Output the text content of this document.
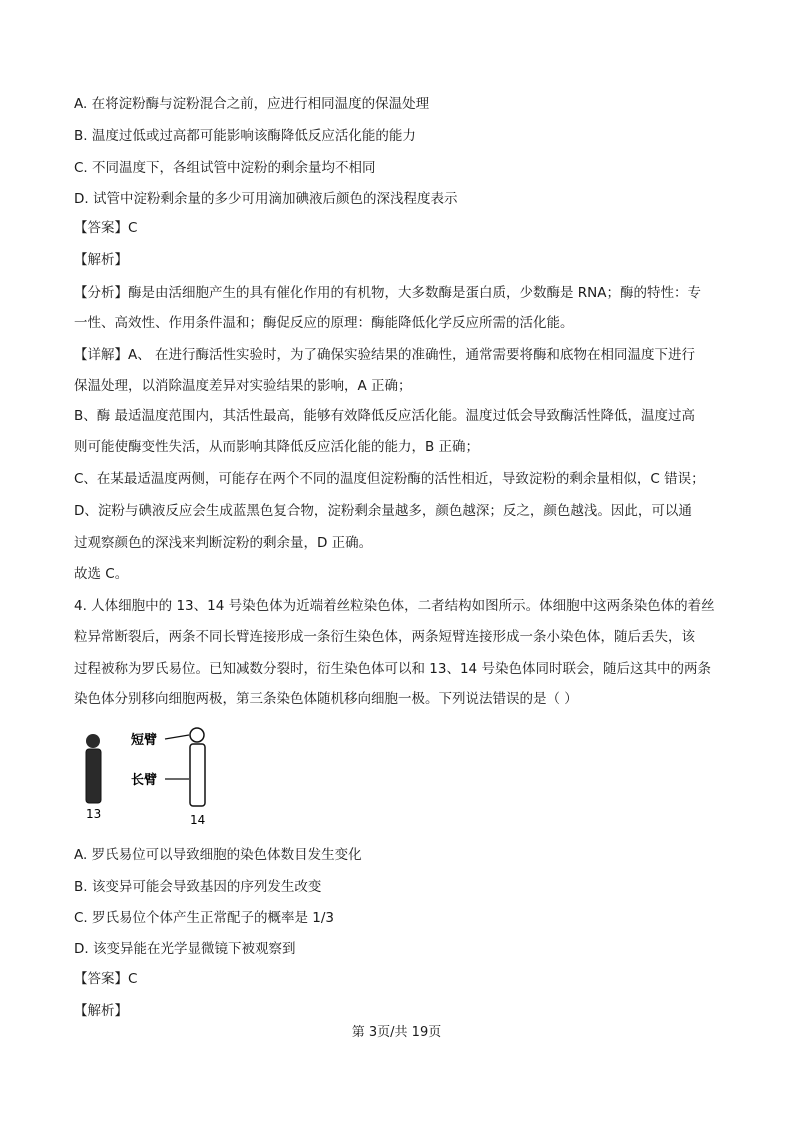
A. 在将淀粉酶与淀粉混合之前，应进行相同温度的保温处理
B. 温度过低或过高都可能影响该酶降低反应活化能的能力
C. 不同温度下，各组试管中淀粉的剩余量均不相同
D. 试管中淀粉剩余量的多少可用滴加碘液后颜色的深浅程度表示
【答案】C
【解析】
【分析】酶是由活细胞产生的具有催化作用的有机物，大多数酶是蛋白质，少数酶是 RNA；酶的特性：专
一性、高效性、作用条件温和；酶促反应的原理：酶能降低化学反应所需的活化能。
【详解】A、 在进行酶活性实验时，为了确保实验结果的准确性，通常需要将酶和底物在相同温度下进行
保温处理，以消除温度差异对实验结果的影响，A 正确；
B、酶 最适温度范围内，其活性最高，能够有效降低反应活化能。温度过低会导致酶活性降低，温度过高
则可能使酶变性失活，从而影响其降低反应活化能的能力，B 正确；
C、在某最适温度两侧，可能存在两个不同的温度但淀粉酶的活性相近，导致淀粉的剩余量相似，C 错误；
D、淀粉与碘液反应会生成蓝黑色复合物，淀粉剩余量越多，颜色越深；反之，颜色越浅。因此，可以通
过观察颜色的深浅来判断淀粉的剩余量，D 正确。
故选 C。
4. 人体细胞中的 13、14 号染色体为近端着丝粒染色体，二者结构如图所示。体细胞中这两条染色体的着丝
粒异常断裂后，两条不同长臂连接形成一条衍生染色体，两条短臂连接形成一条小染色体，随后丢失，该
过程被称为罗氏易位。已知减数分裂时，衍生染色体可以和 13、14 号染色体同时联会，随后这其中的两条
染色体分别移向细胞两极，第三条染色体随机移向细胞一极。下列说法错误的是（ ）
短臂
长臂
13	14
A. 罗氏易位可以导致细胞的染色体数目发生变化
B. 该变异可能会导致基因的序列发生改变
C. 罗氏易位个体产生正常配子的概率是 1/3
D. 该变异能在光学显微镜下被观察到
【答案】C
【解析】
第 3页/共 19页
